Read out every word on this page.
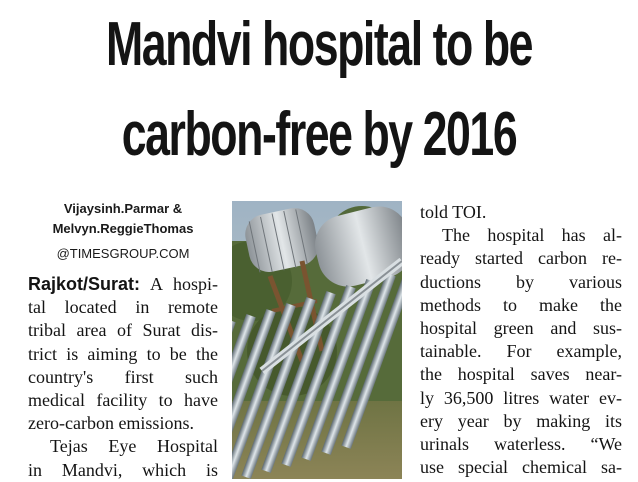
Mandvi hospital to be
carbon-free by 2016
Vijaysinh.Parmar &
Melvyn.ReggieThomas
@TIMESGROUP.COM
Rajkot/Surat: A hospi-
tal located in remote
tribal area of Surat dis-
trict is aiming to be the
country's first such
medical facility to have
zero-carbon emissions.
Tejas Eye Hospital
in Mandvi, which is
told TOI.
The hospital has al-
ready started carbon re-
ductions by various
methods to make the
hospital green and sus-
tainable. For example,
the hospital saves near-
ly 36,500 litres water ev-
ery year by making its
urinals waterless. “We
use special chemical sa-
